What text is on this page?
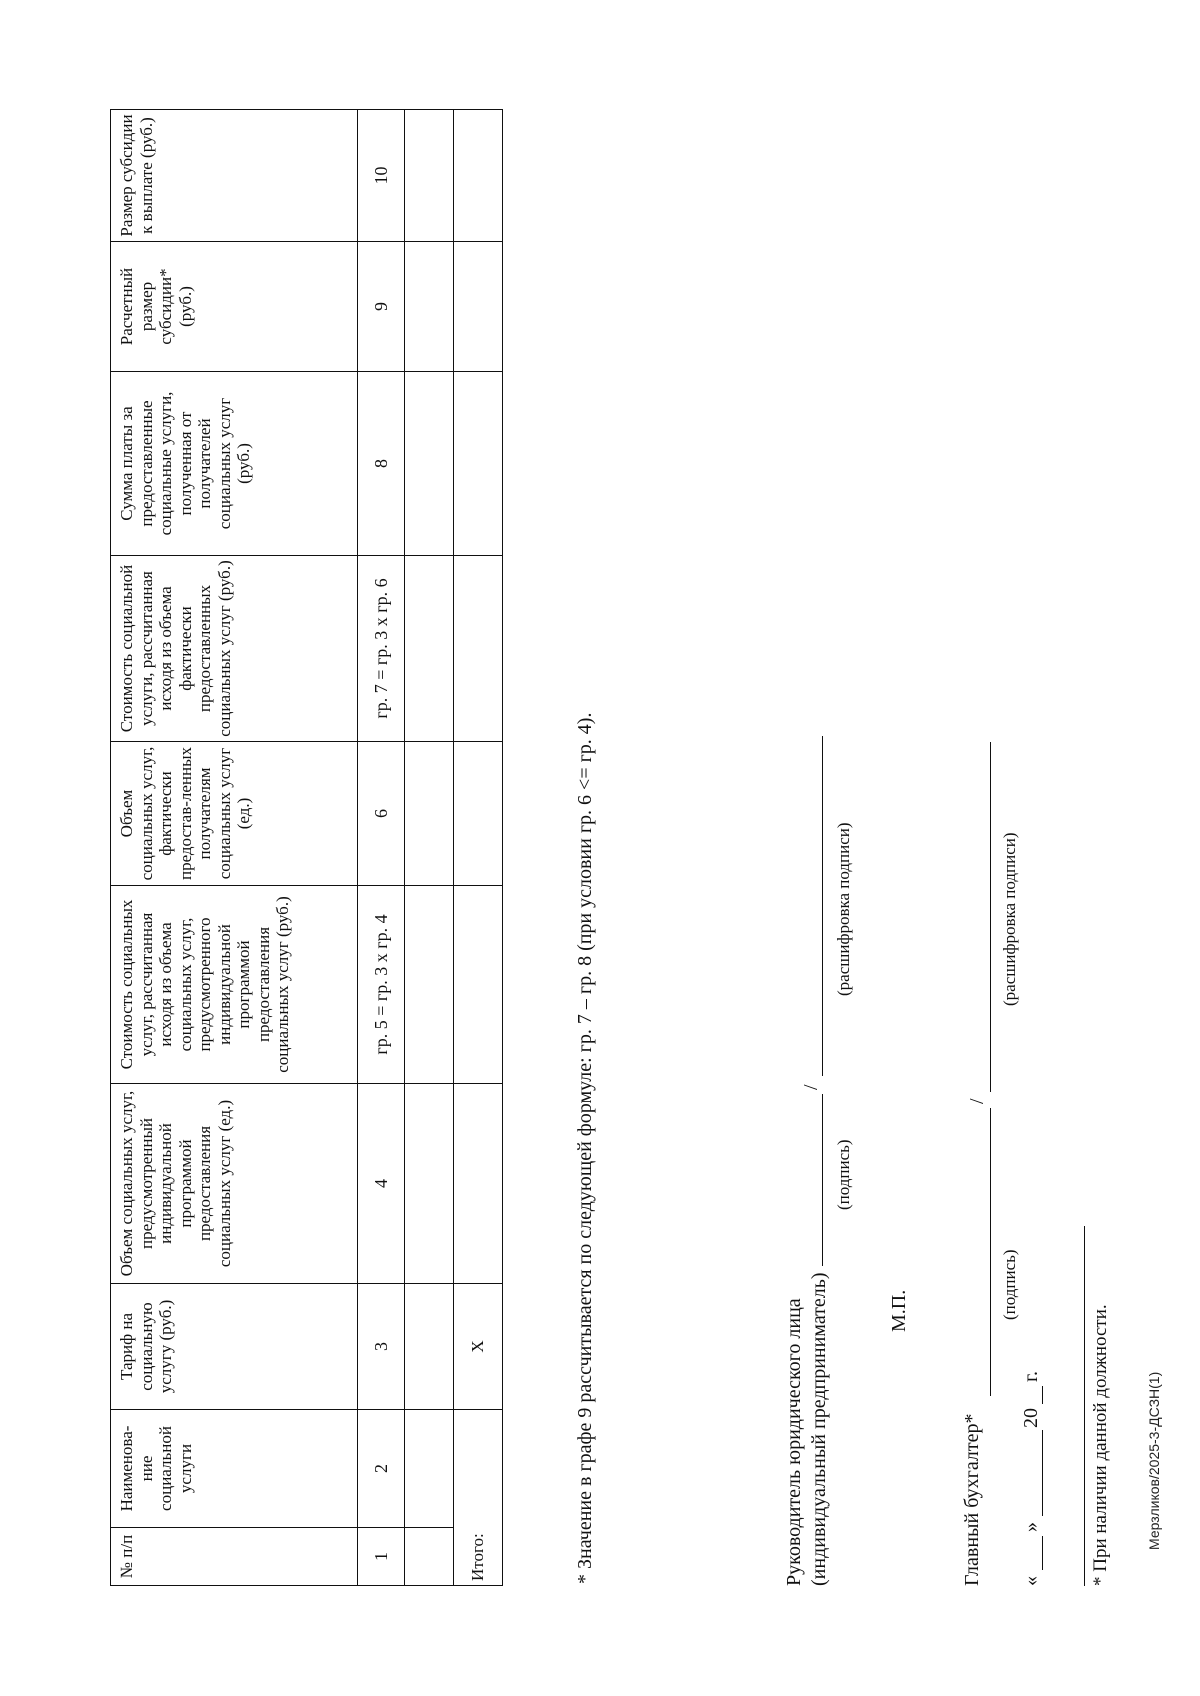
№ п/п	Наименова-ние социальной услуги	Тариф на социальную услугу (руб.)	Объем социальных услуг, предусмотренный индивидуальной программой предоставления социальных услуг (ед.)	Стоимость социальных услуг, рассчитанная исходя из объема социальных услуг, предусмотренного индивидуальной программой предоставления социальных услуг (руб.)	Объем социальных услуг, фактически предостав-ленных получателям социальных услуг (ед.)	Стоимость социальной услуги, рассчитанная исходя из объема фактически предоставленных социальных услуг (руб.)	Сумма платы за предоставленные социальные услуги, полученная от получателей социальных услуг (руб.)	Расчетный размер субсидии* (руб.)	Размер субсидии к выплате (руб.)
1	2	3	4	гр. 5 = гр. 3 х гр. 4	6	гр. 7 = гр. 3 х гр. 6	8	9	10

Итого:		X								* Значение в графе 9 рассчитывается по следующей формуле: гр. 7 – гр. 8 (при условии гр. 6 <= гр. 4).	Руководитель юридического лица (индивидуальный предприниматель)
(подпись)
/
(расшифровка подписи)
М.П.
Главный бухгалтер*
(подпись)
/
(расшифровка подписи)
«
»
20
г.	* При наличии данной должности.	Мерзликов/2025-3-ДСЗН(1)
